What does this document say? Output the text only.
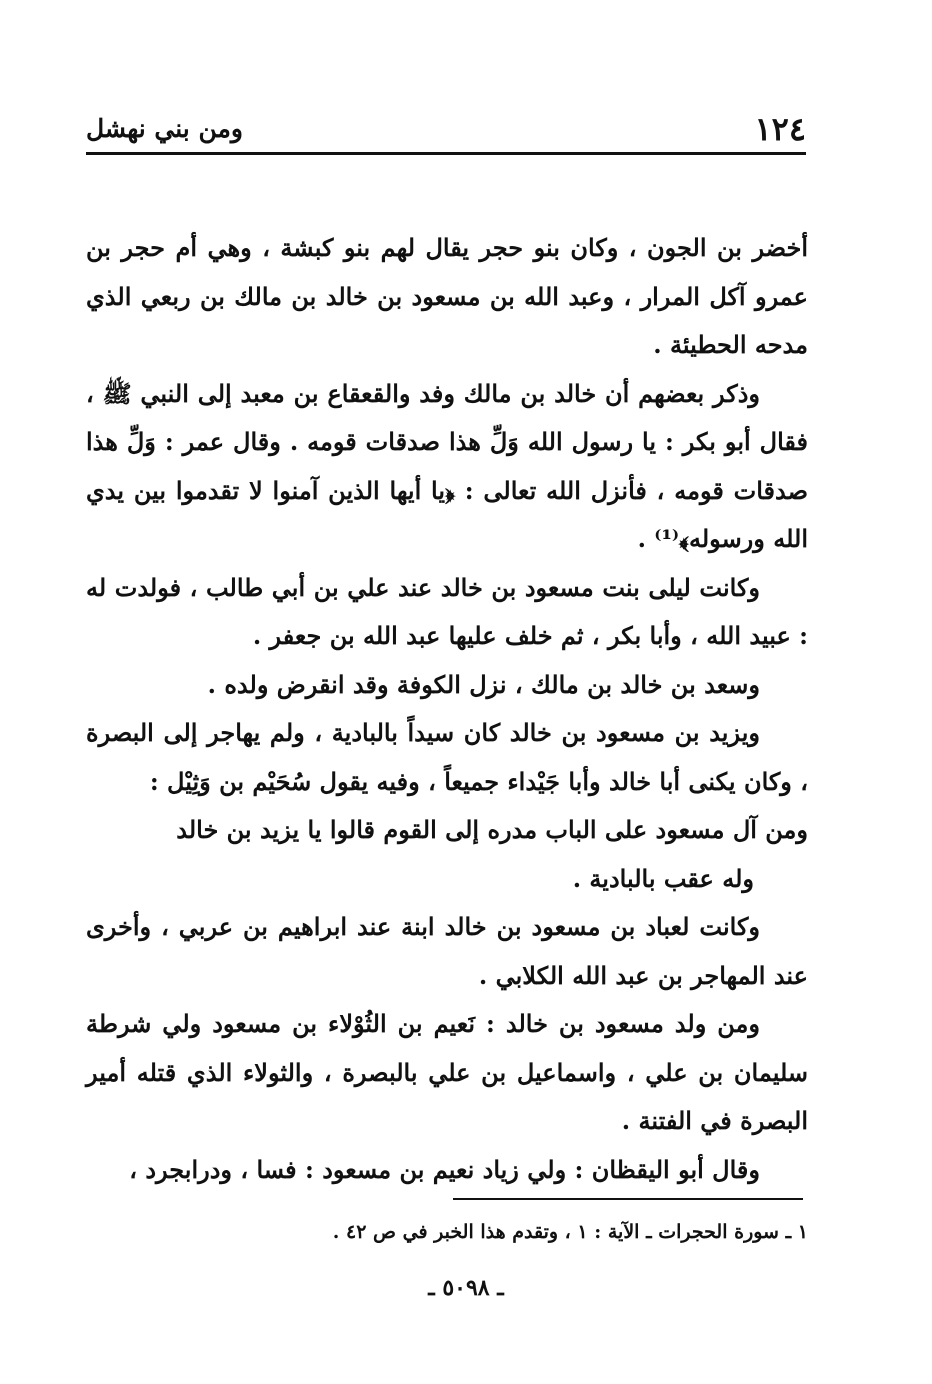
١٢٤
ومن بني نهشل

أخضر بن الجون ، وكان بنو حجر يقال لهم بنو كبشة ، وهي أم حجر بن عمرو آكل المرار ، وعبد الله بن مسعود بن خالد بن مالك بن ربعي الذي مدحه الحطيئة .

وذكر بعضهم أن خالد بن مالك وفد والقعقاع بن معبد إلى النبي ﷺ ، فقال أبو بكر : يا رسول الله وَلِّ هذا صدقات قومه . وقال عمر : وَلِّ هذا صدقات قومه ، فأنزل الله تعالى : ﴿يا أيها الذين آمنوا لا تقدموا بين يدي الله ورسوله﴾⁽¹⁾ .

وكانت ليلى بنت مسعود بن خالد عند علي بن أبي طالب ، فولدت له : عبيد الله ، وأبا بكر ، ثم خلف عليها عبد الله بن جعفر .

وسعد بن خالد بن مالك ، نزل الكوفة وقد انقرض ولده .

ويزيد بن مسعود بن خالد كان سيداً بالبادية ، ولم يهاجر إلى البصرة ، وكان يكنى أبا خالد وأبا جَيْداء جميعاً ، وفيه يقول سُحَيْم بن وَثِيْل :

ومن آل مسعود على الباب مدره إلى القوم قالوا يا يزيد بن خالد

وله عقب بالبادية .

وكانت لعباد بن مسعود بن خالد ابنة عند ابراهيم بن عربي ، وأخرى عند المهاجر بن عبد الله الكلابي .

ومن ولد مسعود بن خالد : نَعيم بن الثُوْلاء بن مسعود ولي شرطة سليمان بن علي ، واسماعيل بن علي بالبصرة ، والثولاء الذي قتله أمير البصرة في الفتنة .

وقال أبو اليقظان : ولي زياد نعيم بن مسعود : فسا ، ودرابجرد ،

١ ـ سورة الحجرات ـ الآية : ١ ، وتقدم هذا الخبر في ص ٤٢ .
ـ ٥٠٩٨ ـ
